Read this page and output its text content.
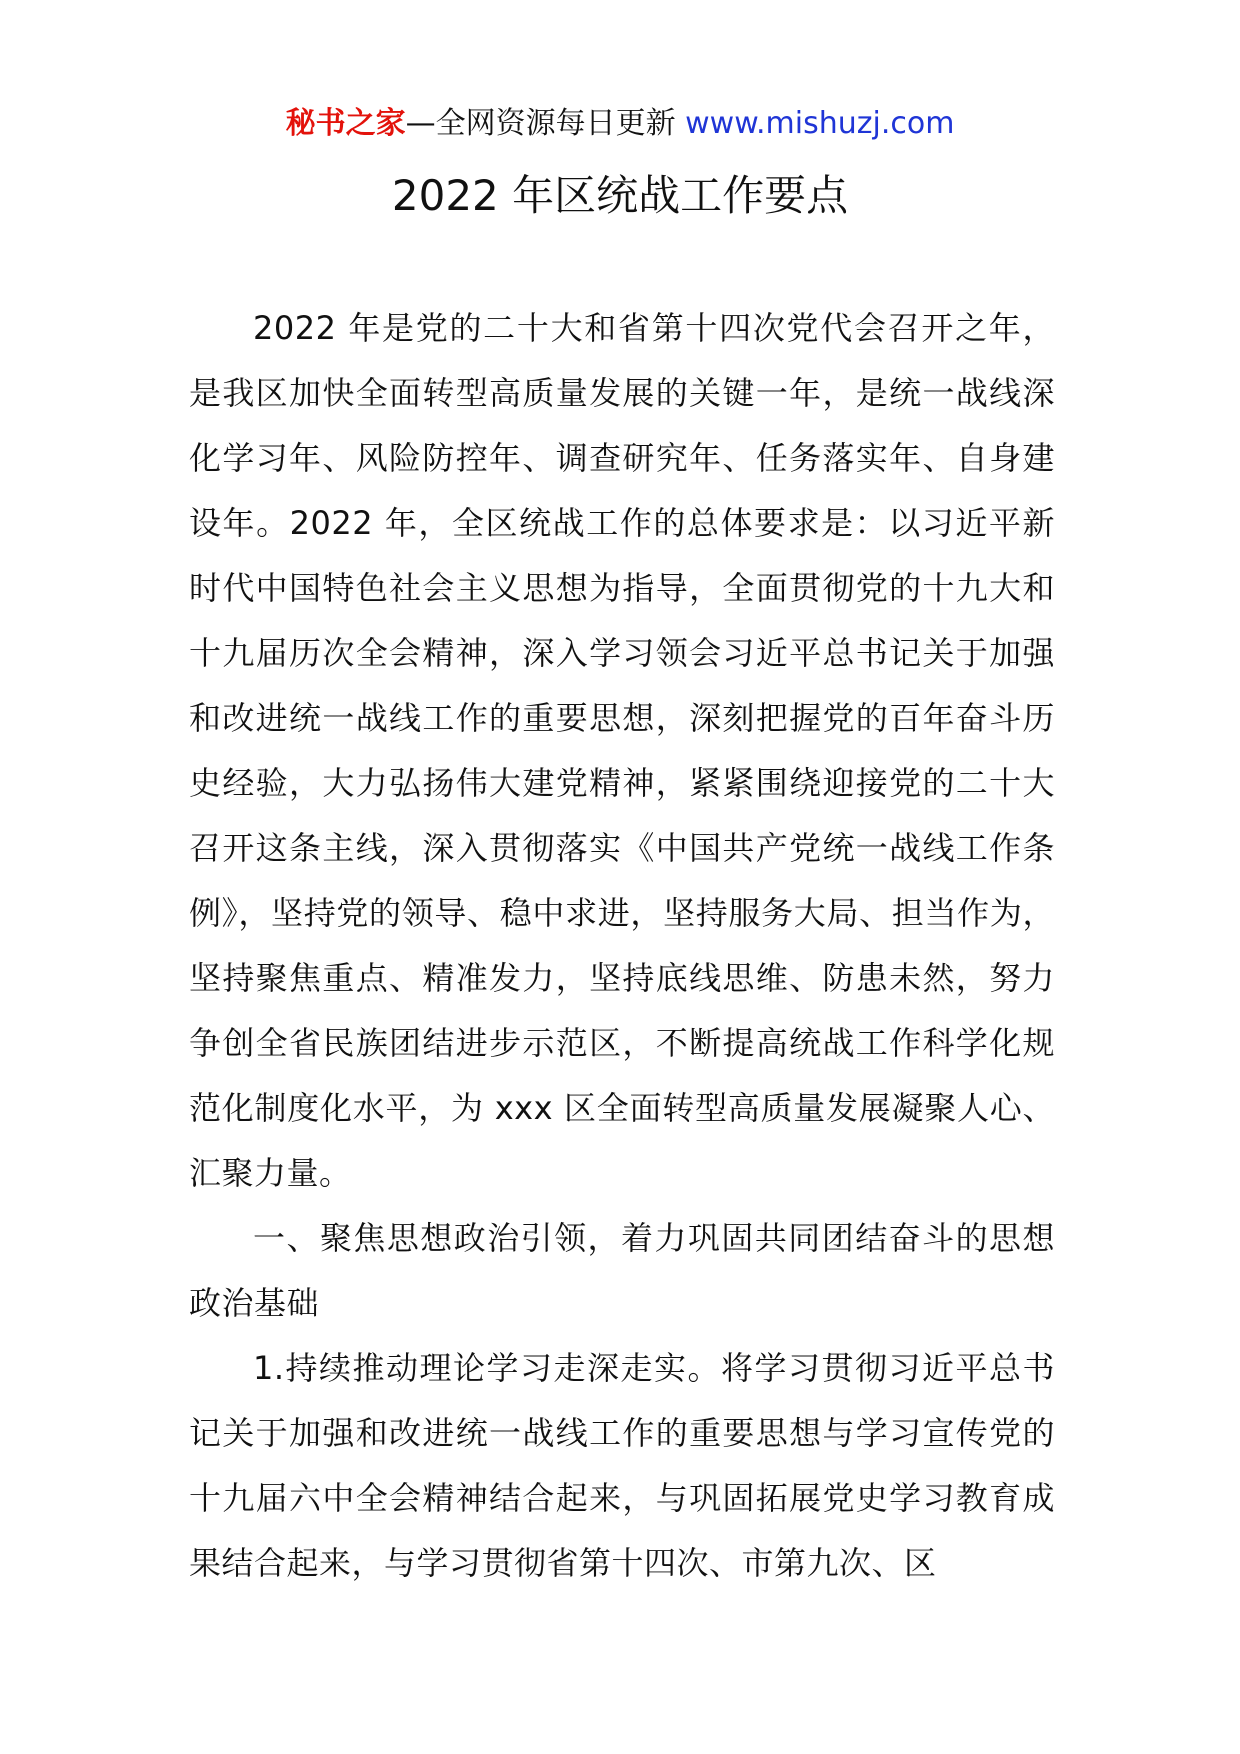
秘书之家—全网资源每日更新 www.mishuzj.com
2022 年区统战工作要点

2022 年是党的二十大和省第十四次党代会召开之年，是我区加快全面转型高质量发展的关键一年，是统一战线深化学习年、风险防控年、调查研究年、任务落实年、自身建设年。2022 年，全区统战工作的总体要求是：以习近平新时代中国特色社会主义思想为指导，全面贯彻党的十九大和十九届历次全会精神，深入学习领会习近平总书记关于加强和改进统一战线工作的重要思想，深刻把握党的百年奋斗历史经验，大力弘扬伟大建党精神，紧紧围绕迎接党的二十大召开这条主线，深入贯彻落实《中国共产党统一战线工作条例》，坚持党的领导、稳中求进，坚持服务大局、担当作为，坚持聚焦重点、精准发力，坚持底线思维、防患未然，努力争创全省民族团结进步示范区，不断提高统战工作科学化规范化制度化水平，为 xxx 区全面转型高质量发展凝聚人心、汇聚力量。

一、聚焦思想政治引领，着力巩固共同团结奋斗的思想政治基础

1.持续推动理论学习走深走实。将学习贯彻习近平总书记关于加强和改进统一战线工作的重要思想与学习宣传党的十九届六中全会精神结合起来，与巩固拓展党史学习教育成果结合起来，与学习贯彻省第十四次、市第九次、区
